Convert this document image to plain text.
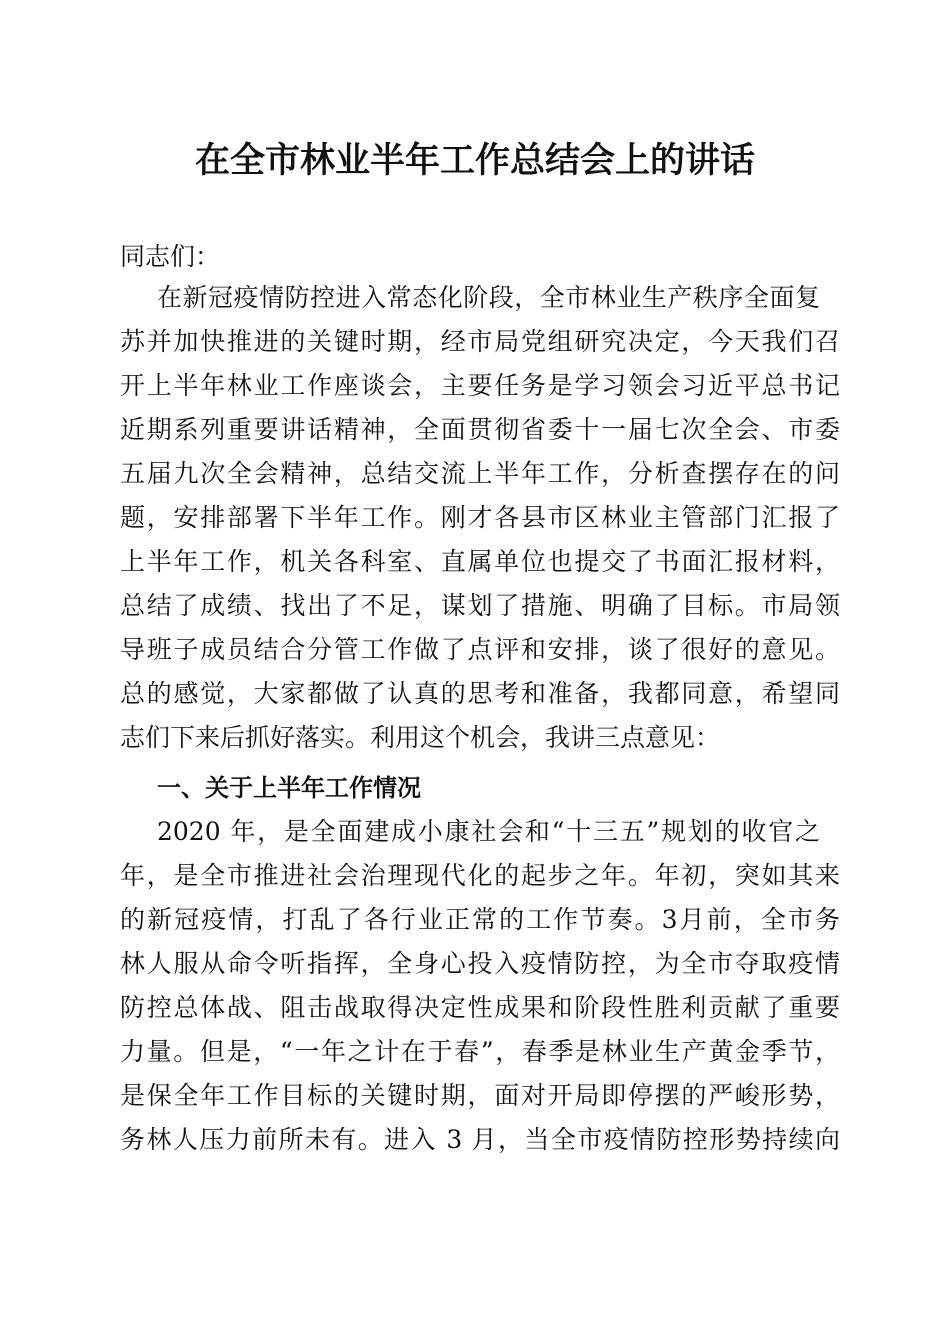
在全市林业半年工作总结会上的讲话

同志们：

在新冠疫情防控进入常态化阶段，全市林业生产秩序全面复

苏并加快推进的关键时期，经市局党组研究决定，今天我们召

开上半年林业工作座谈会，主要任务是学习领会习近平总书记

近期系列重要讲话精神，全面贯彻省委十一届七次全会、市委

五届九次全会精神，总结交流上半年工作，分析查摆存在的问

题，安排部署下半年工作。刚才各县市区林业主管部门汇报了

上半年工作，机关各科室、直属单位也提交了书面汇报材料，

总结了成绩、找出了不足，谋划了措施、明确了目标。市局领

导班子成员结合分管工作做了点评和安排，谈了很好的意见。

总的感觉，大家都做了认真的思考和准备，我都同意，希望同

志们下来后抓好落实。利用这个机会，我讲三点意见：

一、关于上半年工作情况

2020 年，是全面建成小康社会和“十三五”规划的收官之

年，是全市推进社会治理现代化的起步之年。年初，突如其来

的新冠疫情，打乱了各行业正常的工作节奏。3月前，全市务

林人服从命令听指挥，全身心投入疫情防控，为全市夺取疫情

防控总体战、阻击战取得决定性成果和阶段性胜利贡献了重要

力量。但是，“一年之计在于春”，春季是林业生产黄金季节，

是保全年工作目标的关键时期，面对开局即停摆的严峻形势，

务林人压力前所未有。进入 3 月，当全市疫情防控形势持续向
